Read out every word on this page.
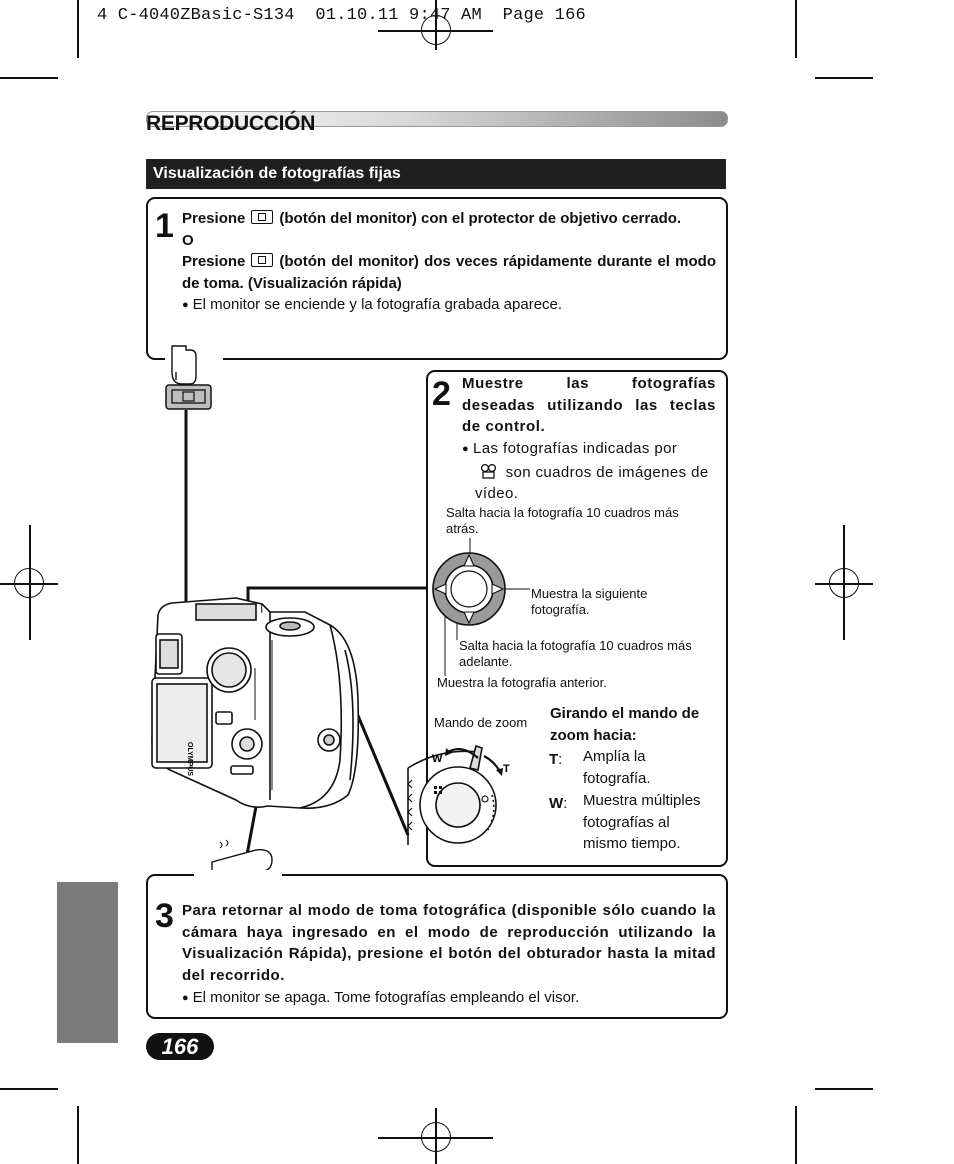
4 C-4040ZBasic-S134  01.10.11 9:47 AM  Page 166
REPRODUCCIÓN
Visualización de fotografías fijas
1 Presione (botón del monitor) con el protector de objetivo cerrado.
O
Presione (botón del monitor) dos veces rápidamente durante el modo de toma. (Visualización rápida)
● El monitor se enciende y la fotografía grabada aparece.
2 Muestre las fotografías deseadas utilizando las teclas de control.
● Las fotografías indicadas por
son cuadros de imágenes de vídeo.
Salta hacia la fotografía 10 cuadros más atrás.
Muestra la siguiente fotografía.
Salta hacia la fotografía 10 cuadros más adelante.
Muestra la fotografía anterior.
Mando de zoom
Girando el mando de zoom hacia:
T: Amplía la fotografía.
W: Muestra múltiples fotografías al mismo tiempo.
OLYMPUS	W
T
3 Para retornar al modo de toma fotográfica (disponible sólo cuando la cámara haya ingresado en el modo de reproducción utilizando la Visualización Rápida), presione el botón del obturador hasta la mitad del recorrido.
● El monitor se apaga. Tome fotografías empleando el visor.
166
